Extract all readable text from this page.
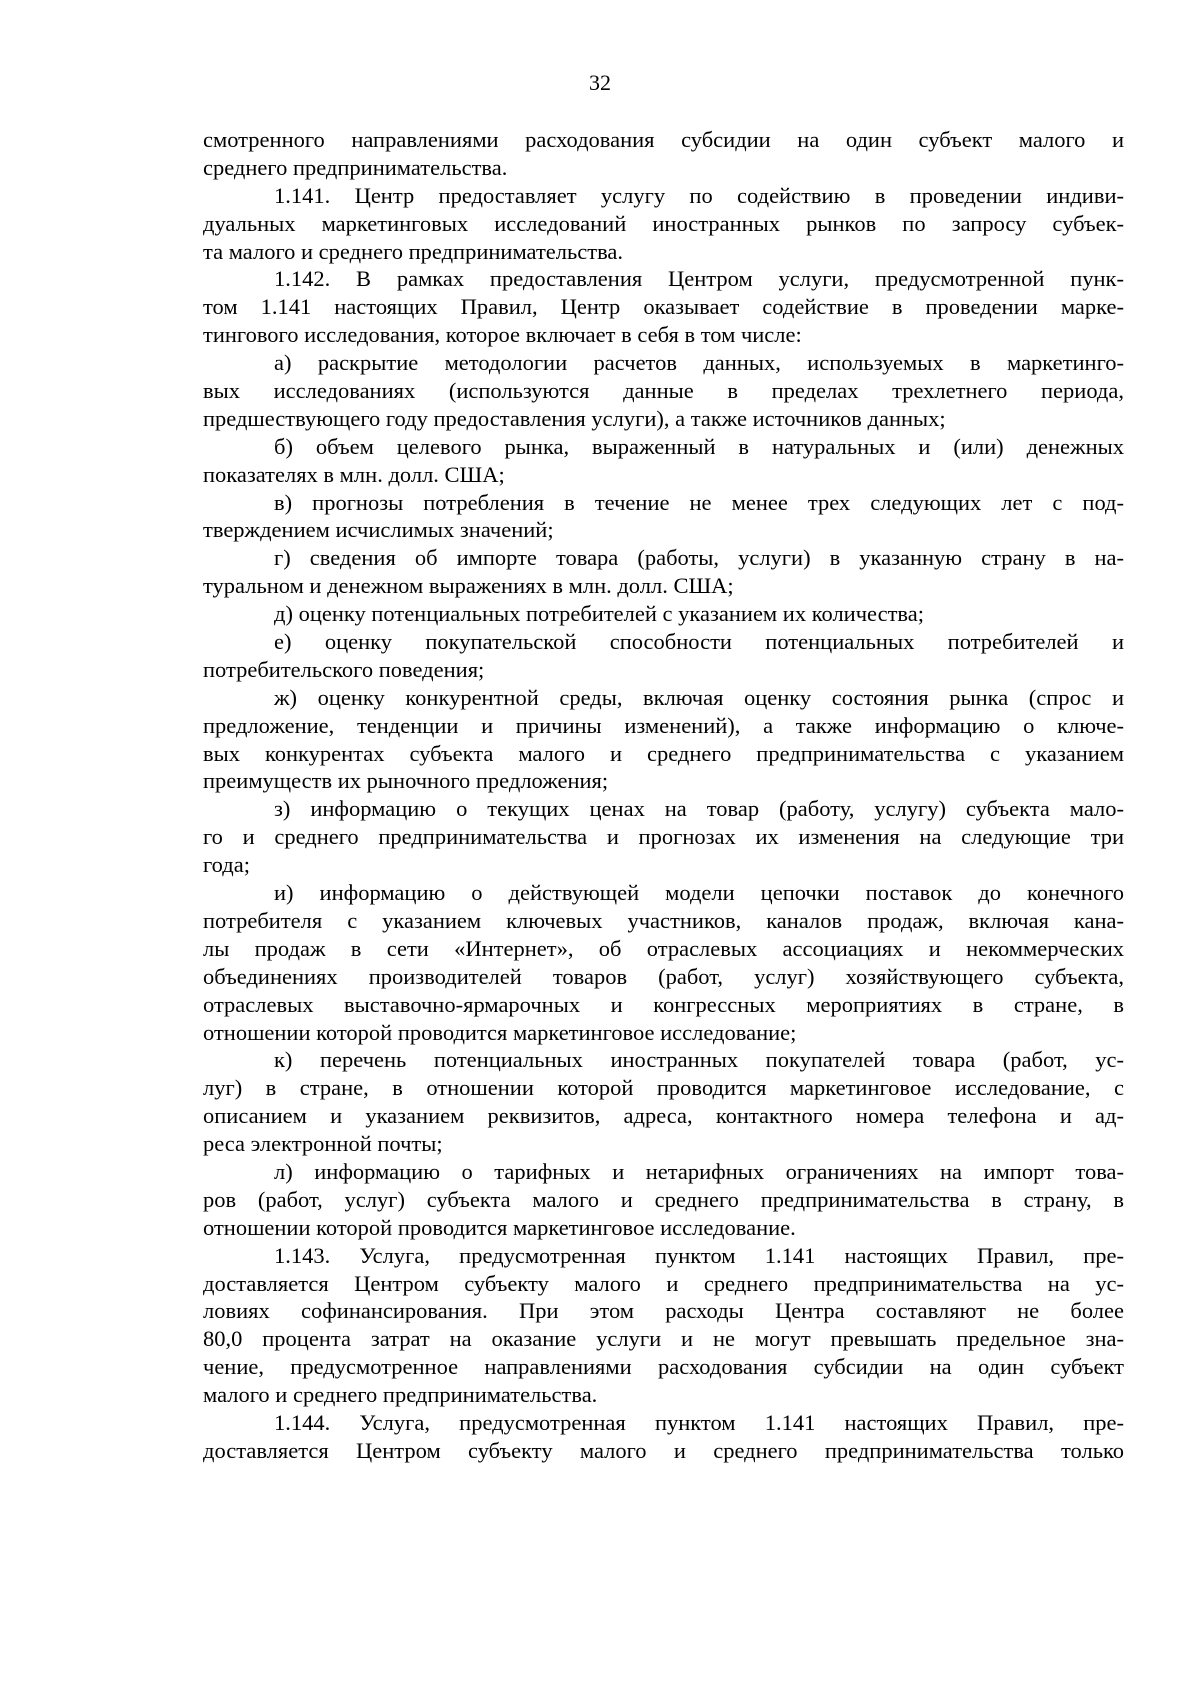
32
смотренного направлениями расходования субсидии на один субъект малого и
среднего предпринимательства.
1.141. Центр предоставляет услугу по содействию в проведении индиви-
дуальных маркетинговых исследований иностранных рынков по запросу субъек-
та малого и среднего предпринимательства.
1.142. В рамках предоставления Центром услуги, предусмотренной пунк-
том 1.141 настоящих Правил, Центр оказывает содействие в проведении марке-
тингового исследования, которое включает в себя в том числе:
а) раскрытие методологии расчетов данных, используемых в маркетинго-
вых исследованиях (используются данные в пределах трехлетнего периода,
предшествующего году предоставления услуги), а также источников данных;
б) объем целевого рынка, выраженный в натуральных и (или) денежных
показателях в млн. долл. США;
в) прогнозы потребления в течение не менее трех следующих лет с под-
тверждением исчислимых значений;
г) сведения об импорте товара (работы, услуги) в указанную страну в на-
туральном и денежном выражениях в млн. долл. США;
д) оценку потенциальных потребителей с указанием их количества;
е) оценку покупательской способности потенциальных потребителей и
потребительского поведения;
ж) оценку конкурентной среды, включая оценку состояния рынка (спрос и
предложение, тенденции и причины изменений), а также информацию о ключе-
вых конкурентах субъекта малого и среднего предпринимательства с указанием
преимуществ их рыночного предложения;
з) информацию о текущих ценах на товар (работу, услугу) субъекта мало-
го и среднего предпринимательства и прогнозах их изменения на следующие три
года;
и) информацию о действующей модели цепочки поставок до конечного
потребителя с указанием ключевых участников, каналов продаж, включая кана-
лы продаж в сети «Интернет», об отраслевых ассоциациях и некоммерческих
объединениях производителей товаров (работ, услуг) хозяйствующего субъекта,
отраслевых выставочно-ярмарочных и конгрессных мероприятиях в стране, в
отношении которой проводится маркетинговое исследование;
к) перечень потенциальных иностранных покупателей товара (работ, ус-
луг) в стране, в отношении которой проводится маркетинговое исследование, с
описанием и указанием реквизитов, адреса, контактного номера телефона и ад-
реса электронной почты;
л) информацию о тарифных и нетарифных ограничениях на импорт това-
ров (работ, услуг) субъекта малого и среднего предпринимательства в страну, в
отношении которой проводится маркетинговое исследование.
1.143. Услуга, предусмотренная пунктом 1.141 настоящих Правил, пре-
доставляется Центром субъекту малого и среднего предпринимательства на ус-
ловиях софинансирования. При этом расходы Центра составляют не более
80,0 процента затрат на оказание услуги и не могут превышать предельное зна-
чение, предусмотренное направлениями расходования субсидии на один субъект
малого и среднего предпринимательства.
1.144. Услуга, предусмотренная пунктом 1.141 настоящих Правил, пре-
доставляется Центром субъекту малого и среднего предпринимательства только
